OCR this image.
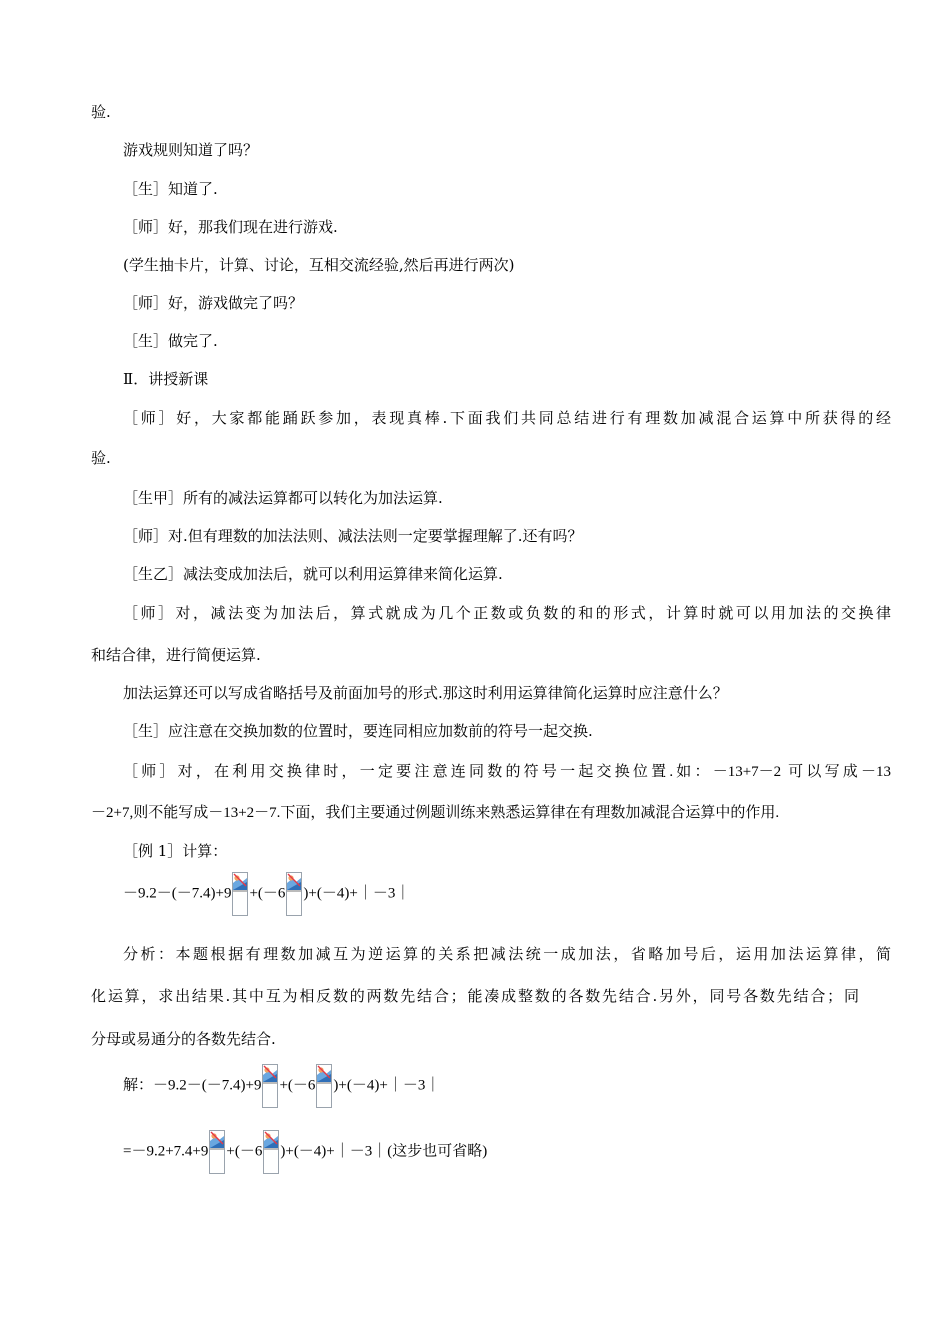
验.
游戏规则知道了吗？
［生］知道了.
［师］好，那我们现在进行游戏.
(学生抽卡片，计算、讨论，互相交流经验,然后再进行两次)
［师］好，游戏做完了吗？
［生］做完了.
Ⅱ．讲授新课
［师］好，大家都能踊跃参加，表现真棒.下面我们共同总结进行有理数加减混合运算中所获得的经
验.
［生甲］所有的减法运算都可以转化为加法运算.
［师］对.但有理数的加法法则、减法法则一定要掌握理解了.还有吗？
［生乙］减法变成加法后，就可以利用运算律来简化运算.
［师］对，减法变为加法后，算式就成为几个正数或负数的和的形式，计算时就可以用加法的交换律
和结合律，进行简便运算.
加法运算还可以写成省略括号及前面加号的形式.那这时利用运算律简化运算时应注意什么？
［生］应注意在交换加数的位置时，要连同相应加数前的符号一起交换.
［师］对，在利用交换律时，一定要注意连同数的符号一起交换位置.如：－13+7－2 可以写成－13
－2+7,则不能写成－13+2－7.下面，我们主要通过例题训练来熟悉运算律在有理数加减混合运算中的作用.
［例 1］计算：
－9.2－(－7.4)+9 +(－6 )+(－4)+｜－3｜
分析：本题根据有理数加减互为逆运算的关系把减法统一成加法，省略加号后，运用加法运算律，简
化运算，求出结果.其中互为相反数的两数先结合；能凑成整数的各数先结合.另外，同号各数先结合；同
分母或易通分的各数先结合.
解：－9.2－(－7.4)+9 +(－6 )+(－4)+｜－3｜
=－9.2+7.4+9 +(－6 )+(－4)+｜－3｜(这步也可省略)
